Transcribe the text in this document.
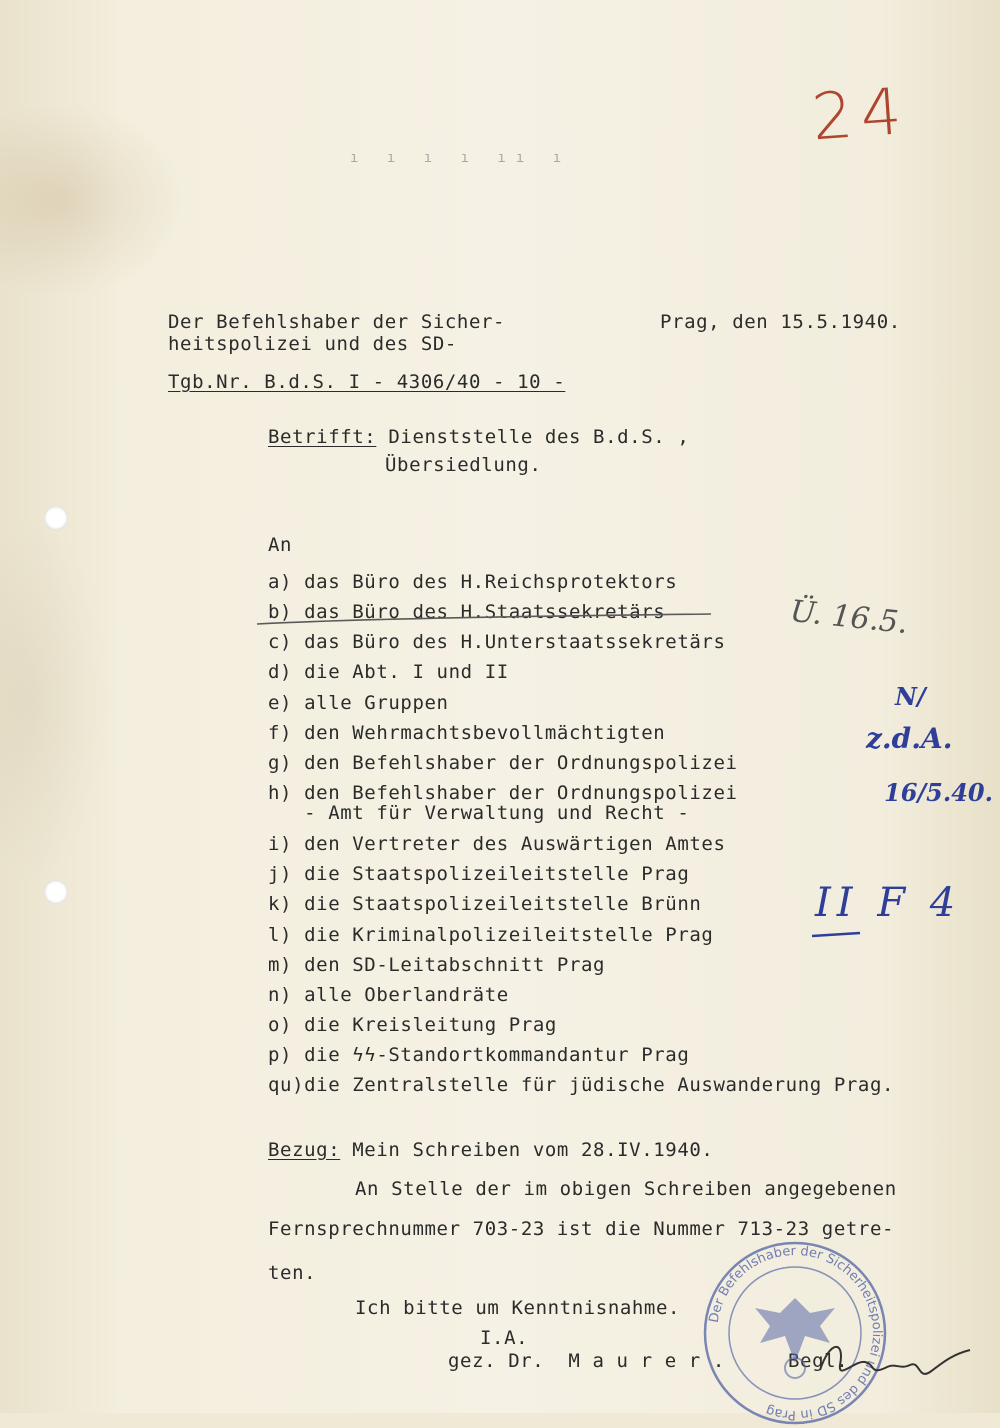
ı ı ı ı ıı ı
24
Der Befehlshaber der Sicher-
heitspolizei und des SD-
Prag, den 15.5.1940.
Tgb.Nr. B.d.S. I - 4306/40 - 10 -
Betrifft: Dienststelle des B.d.S. ,
Übersiedlung.
An
a) das Büro des H.Reichsprotektors
b) das Büro des H.Staatssekretärs
c) das Büro des H.Unterstaatssekretärs
d) die Abt. I und II
e) alle Gruppen
f) den Wehrmachtsbevollmächtigten
g) den Befehlshaber der Ordnungspolizei
h) den Befehlshaber der Ordnungspolizei
- Amt für Verwaltung und Recht -
i) den Vertreter des Auswärtigen Amtes
j) die Staatspolizeileitstelle Prag
k) die Staatspolizeileitstelle Brünn
l) die Kriminalpolizeileitstelle Prag
m) den SD-Leitabschnitt Prag
n) alle Oberlandräte
o) die Kreisleitung Prag
p) die ϟϟ-Standortkommandantur Prag
qu)die Zentralstelle für jüdische Auswanderung Prag.
Bezug: Mein Schreiben vom 28.IV.1940.
An Stelle der im obigen Schreiben angegebenen
Fernsprechnummer 703-23 ist die Nummer 713-23 getre-
ten.
Ich bitte um Kenntnisnahme.
I.A.
gez. Dr.  M a u r e r .	Begl.
Ü. 16.5.
N/
z.d.A.
16/5.40.
II F 4
Der Befehlshaber der Sicherheitspolizei und des SD in Prag
